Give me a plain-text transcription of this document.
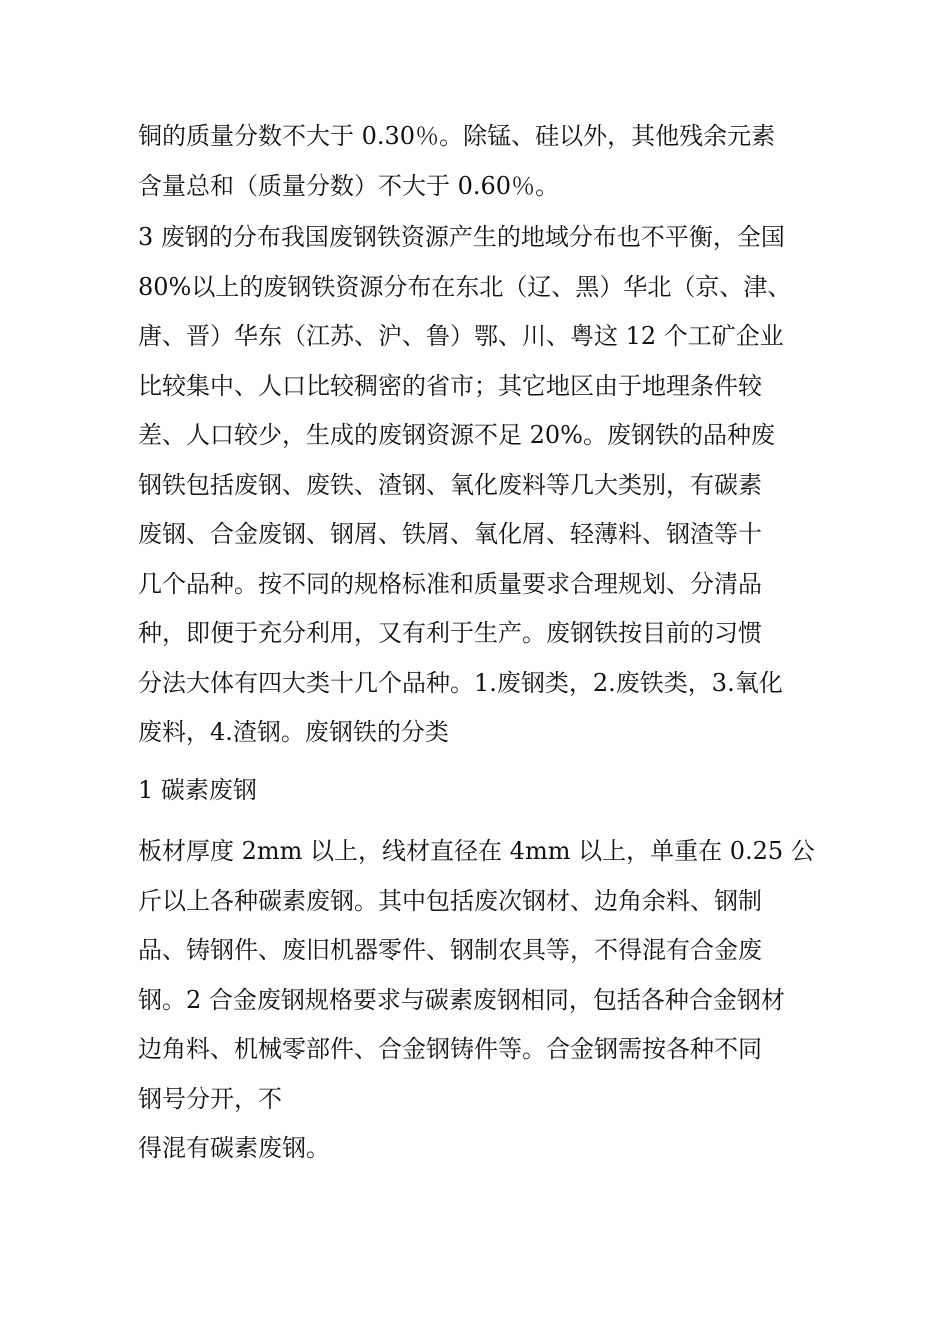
铜的质量分数不大于 0.30％。除锰、硅以外，其他残余元素
含量总和（质量分数）不大于 0.60％。

3 废钢的分布我国废钢铁资源产生的地域分布也不平衡，全国
80%以上的废钢铁资源分布在东北（辽、黑）华北（京、津、
唐、晋）华东（江苏、沪、鲁）鄂、川、粤这 12 个工矿企业
比较集中、人口比较稠密的省市；其它地区由于地理条件较
差、人口较少，生成的废钢资源不足 20%。废钢铁的品种废
钢铁包括废钢、废铁、渣钢、氧化废料等几大类别，有碳素
废钢、合金废钢、钢屑、铁屑、氧化屑、轻薄料、钢渣等十
几个品种。按不同的规格标准和质量要求合理规划、分清品
种，即便于充分利用，又有利于生产。废钢铁按目前的习惯
分法大体有四大类十几个品种。1.废钢类，2.废铁类，3.氧化
废料，4.渣钢。废钢铁的分类

1 碳素废钢

板材厚度 2mm 以上，线材直径在 4mm 以上，单重在 0.25 公
斤以上各种碳素废钢。其中包括废次钢材、边角余料、钢制
品、铸钢件、废旧机器零件、钢制农具等，不得混有合金废
钢。2 合金废钢规格要求与碳素废钢相同，包括各种合金钢材
边角料、机械零部件、合金钢铸件等。合金钢需按各种不同
钢号分开，不

得混有碳素废钢。
